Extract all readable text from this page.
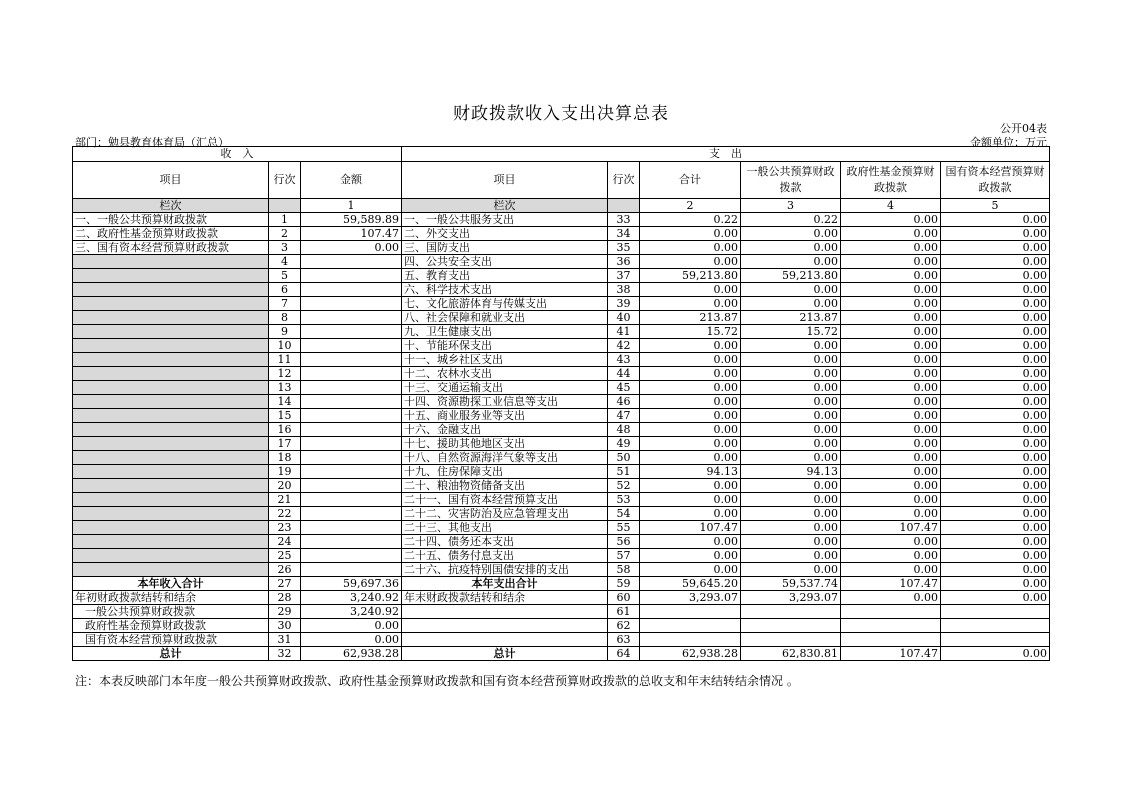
财政拨款收入支出决算总表
公开04表
部门：勉县教育体育局（汇总）	金额单位：万元
收　入			支　出					
项目	行次	金额	项目	行次	合计	一般公共预算财政拨款	政府性基金预算财政拨款	国有资本经营预算财政拨款
栏次		1	栏次		2	3	4	5
一、一般公共预算财政拨款	1	59,589.89	一、一般公共服务支出	33	0.22	0.22	0.00	0.00
二、政府性基金预算财政拨款	2	107.47	二、外交支出	34	0.00	0.00	0.00	0.00
三、国有资本经营预算财政拨款	3	0.00	三、国防支出	35	0.00	0.00	0.00	0.00
	4		四、公共安全支出	36	0.00	0.00	0.00	0.00
	5		五、教育支出	37	59,213.80	59,213.80	0.00	0.00
	6		六、科学技术支出	38	0.00	0.00	0.00	0.00
	7		七、文化旅游体育与传媒支出	39	0.00	0.00	0.00	0.00
	8		八、社会保障和就业支出	40	213.87	213.87	0.00	0.00
	9		九、卫生健康支出	41	15.72	15.72	0.00	0.00
	10		十、节能环保支出	42	0.00	0.00	0.00	0.00
	11		十一、城乡社区支出	43	0.00	0.00	0.00	0.00
	12		十二、农林水支出	44	0.00	0.00	0.00	0.00
	13		十三、交通运输支出	45	0.00	0.00	0.00	0.00
	14		十四、资源勘探工业信息等支出	46	0.00	0.00	0.00	0.00
	15		十五、商业服务业等支出	47	0.00	0.00	0.00	0.00
	16		十六、金融支出	48	0.00	0.00	0.00	0.00
	17		十七、援助其他地区支出	49	0.00	0.00	0.00	0.00
	18		十八、自然资源海洋气象等支出	50	0.00	0.00	0.00	0.00
	19		十九、住房保障支出	51	94.13	94.13	0.00	0.00
	20		二十、粮油物资储备支出	52	0.00	0.00	0.00	0.00
	21		二十一、国有资本经营预算支出	53	0.00	0.00	0.00	0.00
	22		二十二、灾害防治及应急管理支出	54	0.00	0.00	0.00	0.00
	23		二十三、其他支出	55	107.47	0.00	107.47	0.00
	24		二十四、债务还本支出	56	0.00	0.00	0.00	0.00
	25		二十五、债务付息支出	57	0.00	0.00	0.00	0.00
	26		二十六、抗疫特别国债安排的支出	58	0.00	0.00	0.00	0.00
本年收入合计	27	59,697.36	本年支出合计	59	59,645.20	59,537.74	107.47	0.00
年初财政拨款结转和结余	28	3,240.92	年末财政拨款结转和结余	60	3,293.07	3,293.07	0.00	0.00
一般公共预算财政拨款	29	3,240.92		61				
政府性基金预算财政拨款	30	0.00		62				
国有资本经营预算财政拨款	31	0.00		63				
总计	32	62,938.28	总计	64	62,938.28	62,830.81	107.47	0.00
注：本表反映部门本年度一般公共预算财政拨款、政府性基金预算财政拨款和国有资本经营预算财政拨款的总收支和年末结转结余情况 。
